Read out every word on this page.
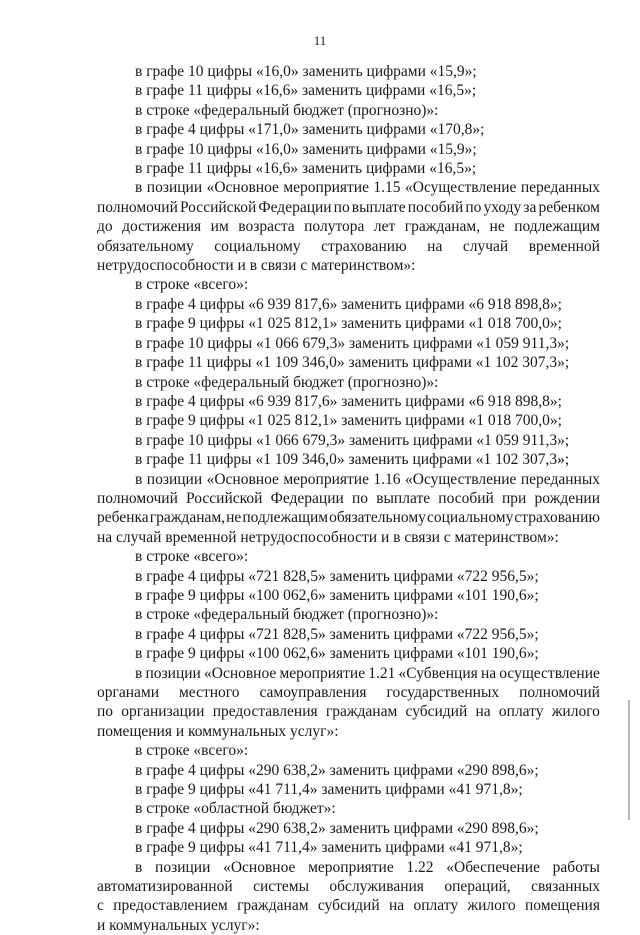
11

в графе 10 цифры «16,0» заменить цифрами «15,9»;

в графе 11 цифры «16,6» заменить цифрами «16,5»;

в строке «федеральный бюджет (прогнозно)»:

в графе 4 цифры «171,0» заменить цифрами «170,8»;

в графе 10 цифры «16,0» заменить цифрами «15,9»;

в графе 11 цифры «16,6» заменить цифрами «16,5»;

в позиции «Основное мероприятие 1.15 «Осуществление переданных

полномочий Российской Федерации по выплате пособий по уходу за ребенком

до достижения им возраста полутора лет гражданам, не подлежащим

обязательному социальному страхованию на случай временной

нетрудоспособности и в связи с материнством»:

в строке «всего»:

в графе 4 цифры «6 939 817,6» заменить цифрами «6 918 898,8»;

в графе 9 цифры «1 025 812,1» заменить цифрами «1 018 700,0»;

в графе 10 цифры «1 066 679,3» заменить цифрами «1 059 911,3»;

в графе 11 цифры «1 109 346,0» заменить цифрами «1 102 307,3»;

в строке «федеральный бюджет (прогнозно)»:

в графе 4 цифры «6 939 817,6» заменить цифрами «6 918 898,8»;

в графе 9 цифры «1 025 812,1» заменить цифрами «1 018 700,0»;

в графе 10 цифры «1 066 679,3» заменить цифрами «1 059 911,3»;

в графе 11 цифры «1 109 346,0» заменить цифрами «1 102 307,3»;

в позиции «Основное мероприятие 1.16 «Осуществление переданных

полномочий Российской Федерации по выплате пособий при рождении

ребенка гражданам, не подлежащим обязательному социальному страхованию

на случай временной нетрудоспособности и в связи с материнством»:

в строке «всего»:

в графе 4 цифры «721 828,5» заменить цифрами «722 956,5»;

в графе 9 цифры «100 062,6» заменить цифрами «101 190,6»;

в строке «федеральный бюджет (прогнозно)»:

в графе 4 цифры «721 828,5» заменить цифрами «722 956,5»;

в графе 9 цифры «100 062,6» заменить цифрами «101 190,6»;

в позиции «Основное мероприятие 1.21 «Субвенция на осуществление

органами местного самоуправления государственных полномочий

по организации предоставления гражданам субсидий на оплату жилого

помещения и коммунальных услуг»:

в строке «всего»:

в графе 4 цифры «290 638,2» заменить цифрами «290 898,6»;

в графе 9 цифры «41 711,4» заменить цифрами «41 971,8»;

в строке «областной бюджет»:

в графе 4 цифры «290 638,2» заменить цифрами «290 898,6»;

в графе 9 цифры «41 711,4» заменить цифрами «41 971,8»;

в позиции «Основное мероприятие 1.22 «Обеспечение работы

автоматизированной системы обслуживания операций, связанных

с предоставлением гражданам субсидий на оплату жилого помещения

и коммунальных услуг»:
